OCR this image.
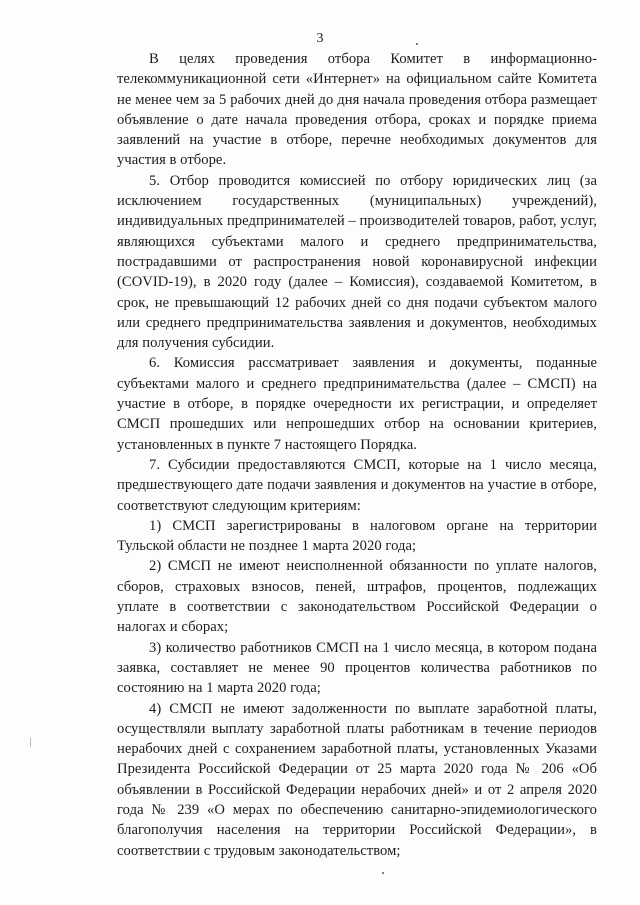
3

В целях проведения отбора Комитет в информационно-телекоммуникационной сети «Интернет» на официальном сайте Комитета не менее чем за 5 рабочих дней до дня начала проведения отбора размещает объявление о дате начала проведения отбора, сроках и порядке приема заявлений на участие в отборе, перечне необходимых документов для участия в отборе.

5. Отбор проводится комиссией по отбору юридических лиц (за исключением государственных (муниципальных) учреждений), индивидуальных предпринимателей – производителей товаров, работ, услуг, являющихся субъектами малого и среднего предпринимательства, пострадавшими от распространения новой коронавирусной инфекции (COVID-19), в 2020 году (далее – Комиссия), создаваемой Комитетом, в срок, не превышающий 12 рабочих дней со дня подачи субъектом малого или среднего предпринимательства заявления и документов, необходимых для получения субсидии.

6. Комиссия рассматривает заявления и документы, поданные субъектами малого и среднего предпринимательства (далее – СМСП) на участие в отборе, в порядке очередности их регистрации, и определяет СМСП прошедших или непрошедших отбор на основании критериев, установленных в пункте 7 настоящего Порядка.

7. Субсидии предоставляются СМСП, которые на 1 число месяца, предшествующего дате подачи заявления и документов на участие в отборе, соответствуют следующим критериям:

1) СМСП зарегистрированы в налоговом органе на территории Тульской области не позднее 1 марта 2020 года;

2) СМСП не имеют неисполненной обязанности по уплате налогов, сборов, страховых взносов, пеней, штрафов, процентов, подлежащих уплате в соответствии с законодательством Российской Федерации о налогах и сборах;

3) количество работников СМСП на 1 число месяца, в котором подана заявка, составляет не менее 90 процентов количества работников по состоянию на 1 марта 2020 года;

4) СМСП не имеют задолженности по выплате заработной платы, осуществляли выплату заработной платы работникам в течение периодов нерабочих дней с сохранением заработной платы, установленных Указами Президента Российской Федерации от 25 марта 2020 года № 206 «Об объявлении в Российской Федерации нерабочих дней» и от 2 апреля 2020 года № 239 «О мерах по обеспечению санитарно-эпидемиологического благополучия населения на территории Российской Федерации», в соответствии с трудовым законодательством;
